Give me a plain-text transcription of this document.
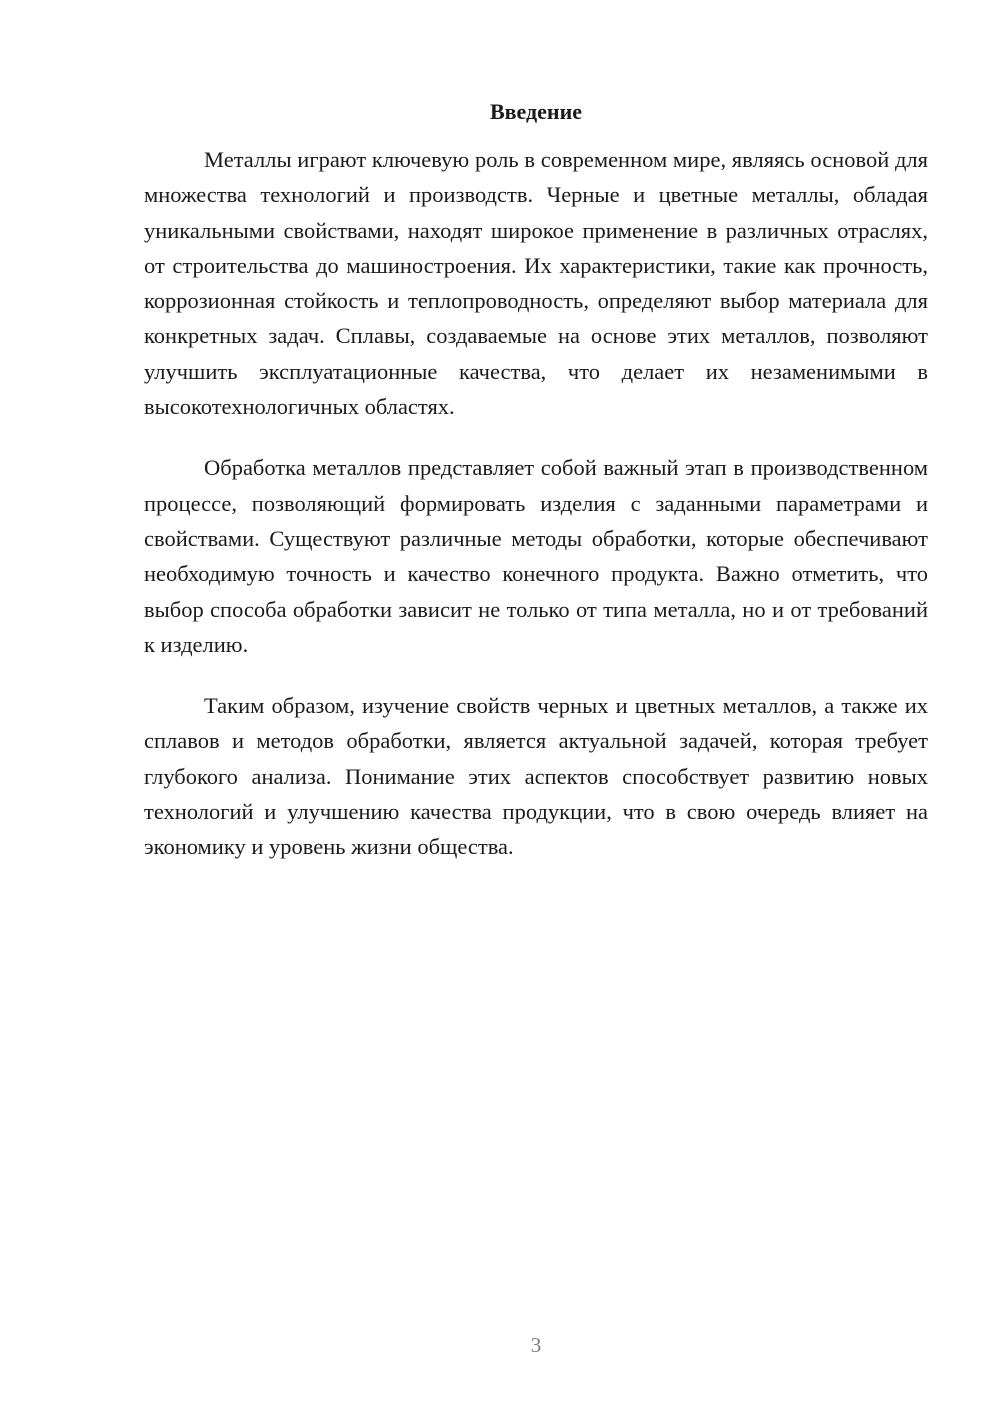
Введение

Металлы играют ключевую роль в современном мире, являясь основой для множества технологий и производств. Черные и цветные металлы, обладая уникальными свойствами, находят широкое применение в различных отраслях, от строительства до машиностроения. Их характеристики, такие как прочность, коррозионная стойкость и теплопроводность, определяют выбор материала для конкретных задач. Сплавы, создаваемые на основе этих металлов, позволяют улучшить эксплуатационные качества, что делает их незаменимыми в высокотехнологичных областях.

Обработка металлов представляет собой важный этап в производственном процессе, позволяющий формировать изделия с заданными параметрами и свойствами. Существуют различные методы обработки, которые обеспечивают необходимую точность и качество конечного продукта. Важно отметить, что выбор способа обработки зависит не только от типа металла, но и от требований к изделию.

Таким образом, изучение свойств черных и цветных металлов, а также их сплавов и методов обработки, является актуальной задачей, которая требует глубокого анализа. Понимание этих аспектов способствует развитию новых технологий и улучшению качества продукции, что в свою очередь влияет на экономику и уровень жизни общества.

3
